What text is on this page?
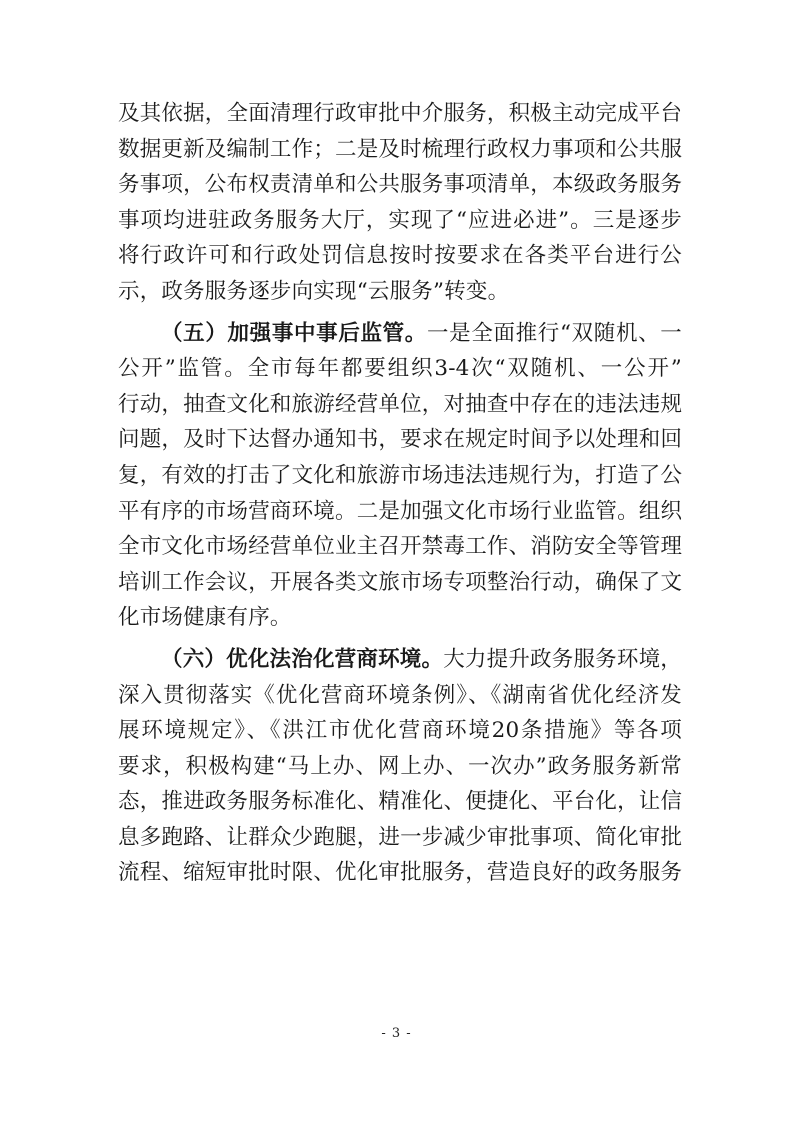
及其依据，全面清理行政审批中介服务，积极主动完成平台
数据更新及编制工作；二是及时梳理行政权力事项和公共服
务事项，公布权责清单和公共服务事项清单，本级政务服务
事项均进驻政务服务大厅，实现了“应进必进”。三是逐步
将行政许可和行政处罚信息按时按要求在各类平台进行公
示，政务服务逐步向实现“云服务”转变。
（五）加强事中事后监管。一是全面推行“双随机、一
公开”监管。全市每年都要组织3-4次“双随机、一公开”
行动，抽查文化和旅游经营单位，对抽查中存在的违法违规
问题，及时下达督办通知书，要求在规定时间予以处理和回
复，有效的打击了文化和旅游市场违法违规行为，打造了公
平有序的市场营商环境。二是加强文化市场行业监管。组织
全市文化市场经营单位业主召开禁毒工作、消防安全等管理
培训工作会议，开展各类文旅市场专项整治行动，确保了文
化市场健康有序。
（六）优化法治化营商环境。大力提升政务服务环境，
深入贯彻落实《优化营商环境条例》、《湖南省优化经济发
展环境规定》、《洪江市优化营商环境20条措施》等各项
要求，积极构建“马上办、网上办、一次办”政务服务新常
态，推进政务服务标准化、精准化、便捷化、平台化，让信
息多跑路、让群众少跑腿，进一步减少审批事项、简化审批
流程、缩短审批时限、优化审批服务，营造良好的政务服务
- 3 -
